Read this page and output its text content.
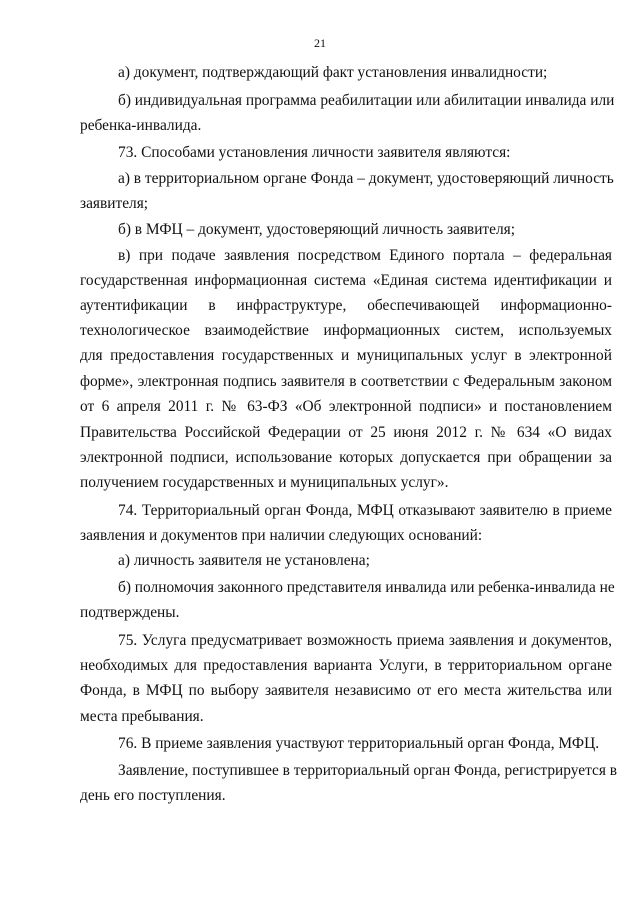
21
а) документ, подтверждающий факт установления инвалидности;
б) индивидуальная программа реабилитации или абилитации инвалида или
ребенка-инвалида.
73. Способами установления личности заявителя являются:
а) в территориальном органе Фонда – документ, удостоверяющий личность
заявителя;
б) в МФЦ – документ, удостоверяющий личность заявителя;
в) при подаче заявления посредством Единого портала – федеральная
государственная информационная система «Единая система идентификации и
аутентификации в инфраструктуре, обеспечивающей информационно-
технологическое взаимодействие информационных систем, используемых
для предоставления государственных и муниципальных услуг в электронной
форме», электронная подпись заявителя в соответствии с Федеральным законом
от 6 апреля 2011 г. № 63-ФЗ «Об электронной подписи» и постановлением
Правительства Российской Федерации от 25 июня 2012 г. № 634 «О видах
электронной подписи, использование которых допускается при обращении за
получением государственных и муниципальных услуг».
74. Территориальный орган Фонда, МФЦ отказывают заявителю в приеме
заявления и документов при наличии следующих оснований:
а) личность заявителя не установлена;
б) полномочия законного представителя инвалида или ребенка-инвалида не
подтверждены.
75. Услуга предусматривает возможность приема заявления и документов,
необходимых для предоставления варианта Услуги, в территориальном органе
Фонда, в МФЦ по выбору заявителя независимо от его места жительства или
места пребывания.
76. В приеме заявления участвуют территориальный орган Фонда, МФЦ.
Заявление, поступившее в территориальный орган Фонда, регистрируется в
день его поступления.
